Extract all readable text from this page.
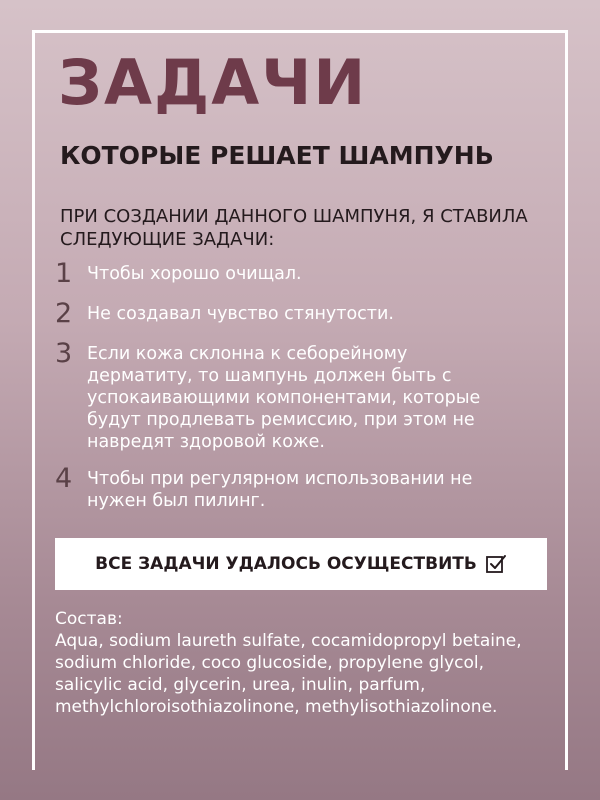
ЗАДАЧИ
КОТОРЫЕ РЕШАЕТ ШАМПУНЬ

ПРИ СОЗДАНИИ ДАННОГО ШАМПУНЯ, Я СТАВИЛА СЛЕДУЮЩИЕ ЗАДАЧИ:

1 Чтобы хорошо очищал.
2 Не создавал чувство стянутости.
3 Если кожа склонна к себорейному дерматиту, то шампунь должен быть с успокаивающими компонентами, которые будут продлевать ремиссию, при этом не навредят здоровой коже.
4 Чтобы при регулярном использовании не нужен был пилинг.
ВСЕ ЗАДАЧИ УДАЛОСЬ ОСУЩЕСТВИТЬ
Состав:
Aqua, sodium laureth sulfate, cocamidopropyl betaine, sodium chloride, coco glucoside, propylene glycol, salicylic acid, glycerin, urea, inulin, parfum, methylchloroisothiazolinone, methylisothiazolinone.
